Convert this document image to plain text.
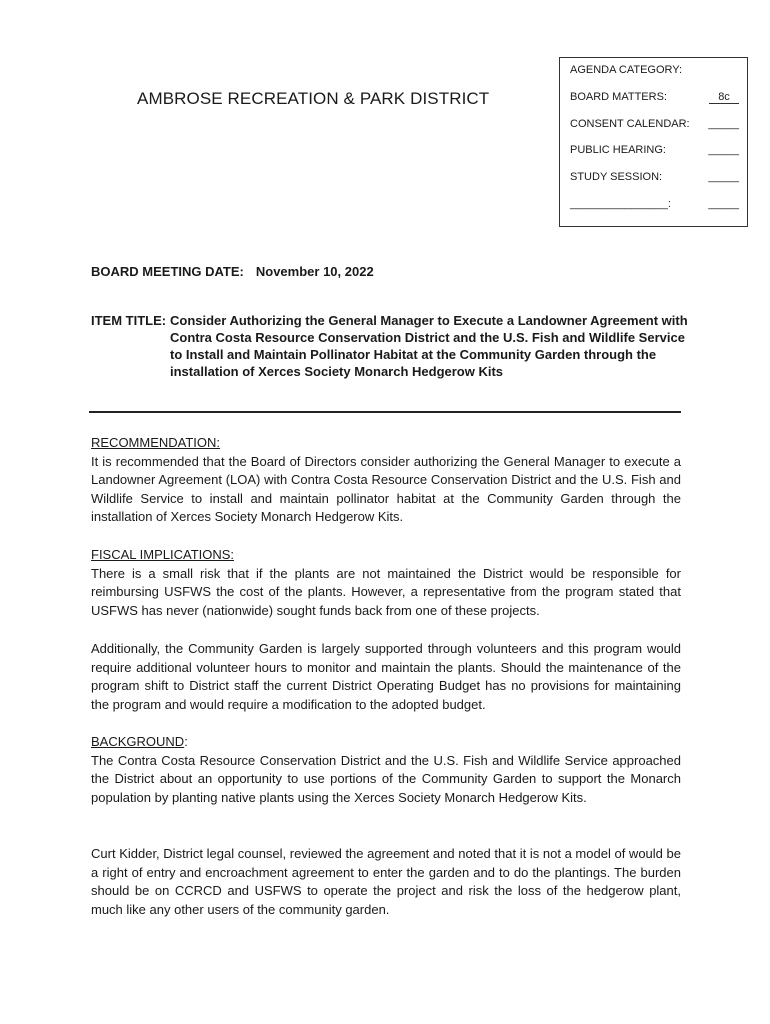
AMBROSE RECREATION & PARK DISTRICT
AGENDA CATEGORY:
BOARD MATTERS:	8c
CONSENT CALENDAR: _____
PUBLIC HEARING:	_____
STUDY SESSION:	_____
________________:	_____
BOARD MEETING DATE: November 10, 2022
ITEM TITLE: Consider Authorizing the General Manager to Execute a Landowner Agreement with Contra Costa Resource Conservation District and the U.S. Fish and Wildlife Service to Install and Maintain Pollinator Habitat at the Community Garden through the installation of Xerces Society Monarch Hedgerow Kits
RECOMMENDATION:
It is recommended that the Board of Directors consider authorizing the General Manager to execute a Landowner Agreement (LOA) with Contra Costa Resource Conservation District and the U.S. Fish and Wildlife Service to install and maintain pollinator habitat at the Community Garden through the installation of Xerces Society Monarch Hedgerow Kits.
FISCAL IMPLICATIONS:
There is a small risk that if the plants are not maintained the District would be responsible for reimbursing USFWS the cost of the plants. However, a representative from the program stated that USFWS has never (nationwide) sought funds back from one of these projects.
Additionally, the Community Garden is largely supported through volunteers and this program would require additional volunteer hours to monitor and maintain the plants. Should the maintenance of the program shift to District staff the current District Operating Budget has no provisions for maintaining the program and would require a modification to the adopted budget.
BACKGROUND:
The Contra Costa Resource Conservation District and the U.S. Fish and Wildlife Service approached the District about an opportunity to use portions of the Community Garden to support the Monarch population by planting native plants using the Xerces Society Monarch Hedgerow Kits.
Curt Kidder, District legal counsel, reviewed the agreement and noted that it is not a model of would be a right of entry and encroachment agreement to enter the garden and to do the plantings. The burden should be on CCRCD and USFWS to operate the project and risk the loss of the hedgerow plant, much like any other users of the community garden.
